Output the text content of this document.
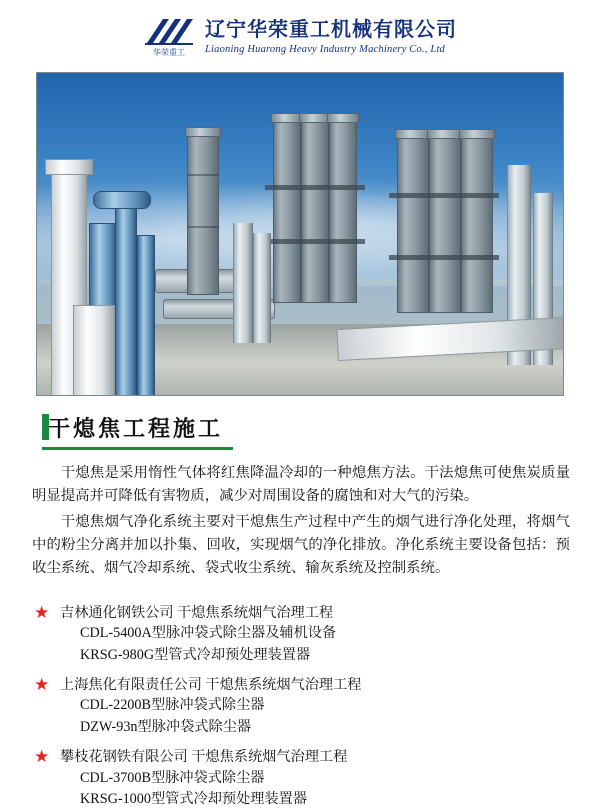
华荣重工
辽宁华荣重工机械有限公司
Liaoning Huarong Heavy Industry Machinery Co., Ltd
干熄焦工程施工

干熄焦是采用惰性气体将红焦降温冷却的一种熄焦方法。干法熄焦可使焦炭质量明显提高并可降低有害物质，减少对周围设备的腐蚀和对大气的污染。

干熄焦烟气净化系统主要对干熄焦生产过程中产生的烟气进行净化处理，将烟气中的粉尘分离并加以扑集、回收，实现烟气的净化排放。净化系统主要设备包括：预收尘系统、烟气冷却系统、袋式收尘系统、输灰系统及控制系统。

★ 吉林通化钢铁公司 干熄焦系统烟气治理工程
CDL-5400A型脉冲袋式除尘器及辅机设备
KRSG-980G型管式冷却预处理装置器
★ 上海焦化有限责任公司 干熄焦系统烟气治理工程
CDL-2200B型脉冲袋式除尘器
DZW-93n型脉冲袋式除尘器
★ 攀枝花钢铁有限公司 干熄焦系统烟气治理工程
CDL-3700B型脉冲袋式除尘器
KRSG-1000型管式冷却预处理装置器
